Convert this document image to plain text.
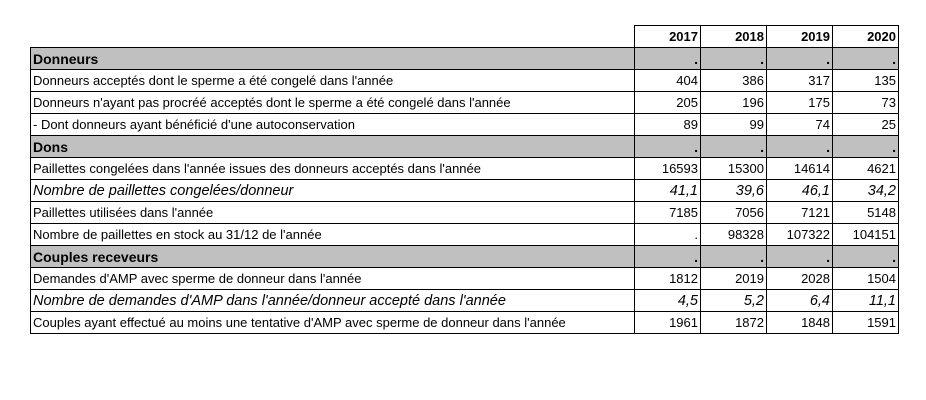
	2017	2018	2019	2020
Donneurs	.	.	.	.
Donneurs acceptés dont le sperme a été congelé dans l'année	404	386	317	135
Donneurs n'ayant pas procréé acceptés dont le sperme a été congelé dans l'année	205	196	175	73
- Dont donneurs ayant bénéficié d'une autoconservation	89	99	74	25
Dons	.	.	.	.
Paillettes congelées dans l'année issues des donneurs acceptés dans l'année	16593	15300	14614	4621
Nombre de paillettes congelées/donneur	41,1	39,6	46,1	34,2
Paillettes utilisées dans l'année	7185	7056	7121	5148
Nombre de paillettes en stock au 31/12 de l'année	.	98328	107322	104151
Couples receveurs	.	.	.	.
Demandes d'AMP avec sperme de donneur dans l'année	1812	2019	2028	1504
Nombre de demandes d'AMP dans l'année/donneur accepté dans l'année	4,5	5,2	6,4	11,1
Couples ayant effectué au moins une tentative d'AMP avec sperme de donneur dans l'année	1961	1872	1848	1591
